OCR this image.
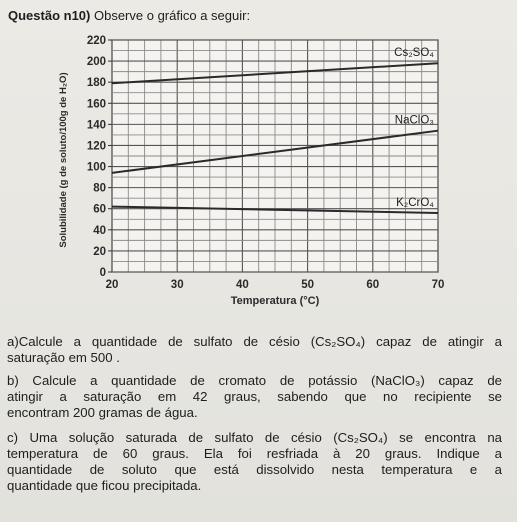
Questão n10) Observe o gráfico a seguir:
0
20
40
60
80
100
120
140
160
180
200
220
20	30	40	50	60	70
Temperatura (°C)
Solubilidade (g de soluto/100g de H₂O)
Cs₂SO₄
NaClO₃
K₂CrO₄
a)Calcule a quantidade de sulfato de césio (Cs₂SO₄) capaz de atingir a
saturação em 500 .
b) Calcule a quantidade de cromato de potássio (NaClO₃) capaz de
atingir a saturação em 42 graus, sabendo que no recipiente se
encontram 200 gramas de água.
c) Uma solução saturada de sulfato de césio (Cs₂SO₄) se encontra na
temperatura de 60 graus. Ela foi resfriada à 20 graus. Indique a
quantidade de soluto que está dissolvido nesta temperatura e a
quantidade que ficou precipitada.
